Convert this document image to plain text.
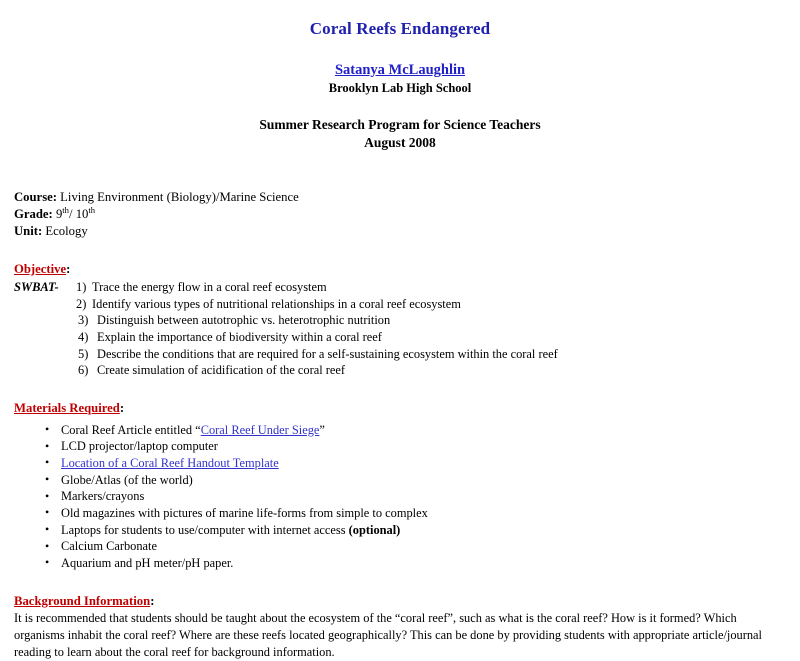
Coral Reefs Endangered
Satanya McLaughlin
Brooklyn Lab High School
Summer Research Program for Science Teachers
August 2008
Course: Living Environment (Biology)/Marine Science
Grade: 9th/ 10th
Unit: Ecology
Objective:
SWBAT- 1) Trace the energy flow in a coral reef ecosystem
2) Identify various types of nutritional relationships in a coral reef ecosystem
3) Distinguish between autotrophic vs. heterotrophic nutrition
4) Explain the importance of biodiversity within a coral reef
5) Describe the conditions that are required for a self-sustaining ecosystem within the coral reef
6) Create simulation of acidification of the coral reef
Materials Required:
• Coral Reef Article entitled “Coral Reef Under Siege”
• LCD projector/laptop computer
• Location of a Coral Reef Handout Template
• Globe/Atlas (of the world)
• Markers/crayons
• Old magazines with pictures of marine life-forms from simple to complex
• Laptops for students to use/computer with internet access (optional)
• Calcium Carbonate
• Aquarium and pH meter/pH paper.
Background Information:

It is recommended that students should be taught about the ecosystem of the “coral reef”, such as what is the coral reef? How is it formed? Which organisms inhabit the coral reef? Where are these reefs located geographically? This can be done by providing students with appropriate article/journal reading to learn about the coral reef for background information.
